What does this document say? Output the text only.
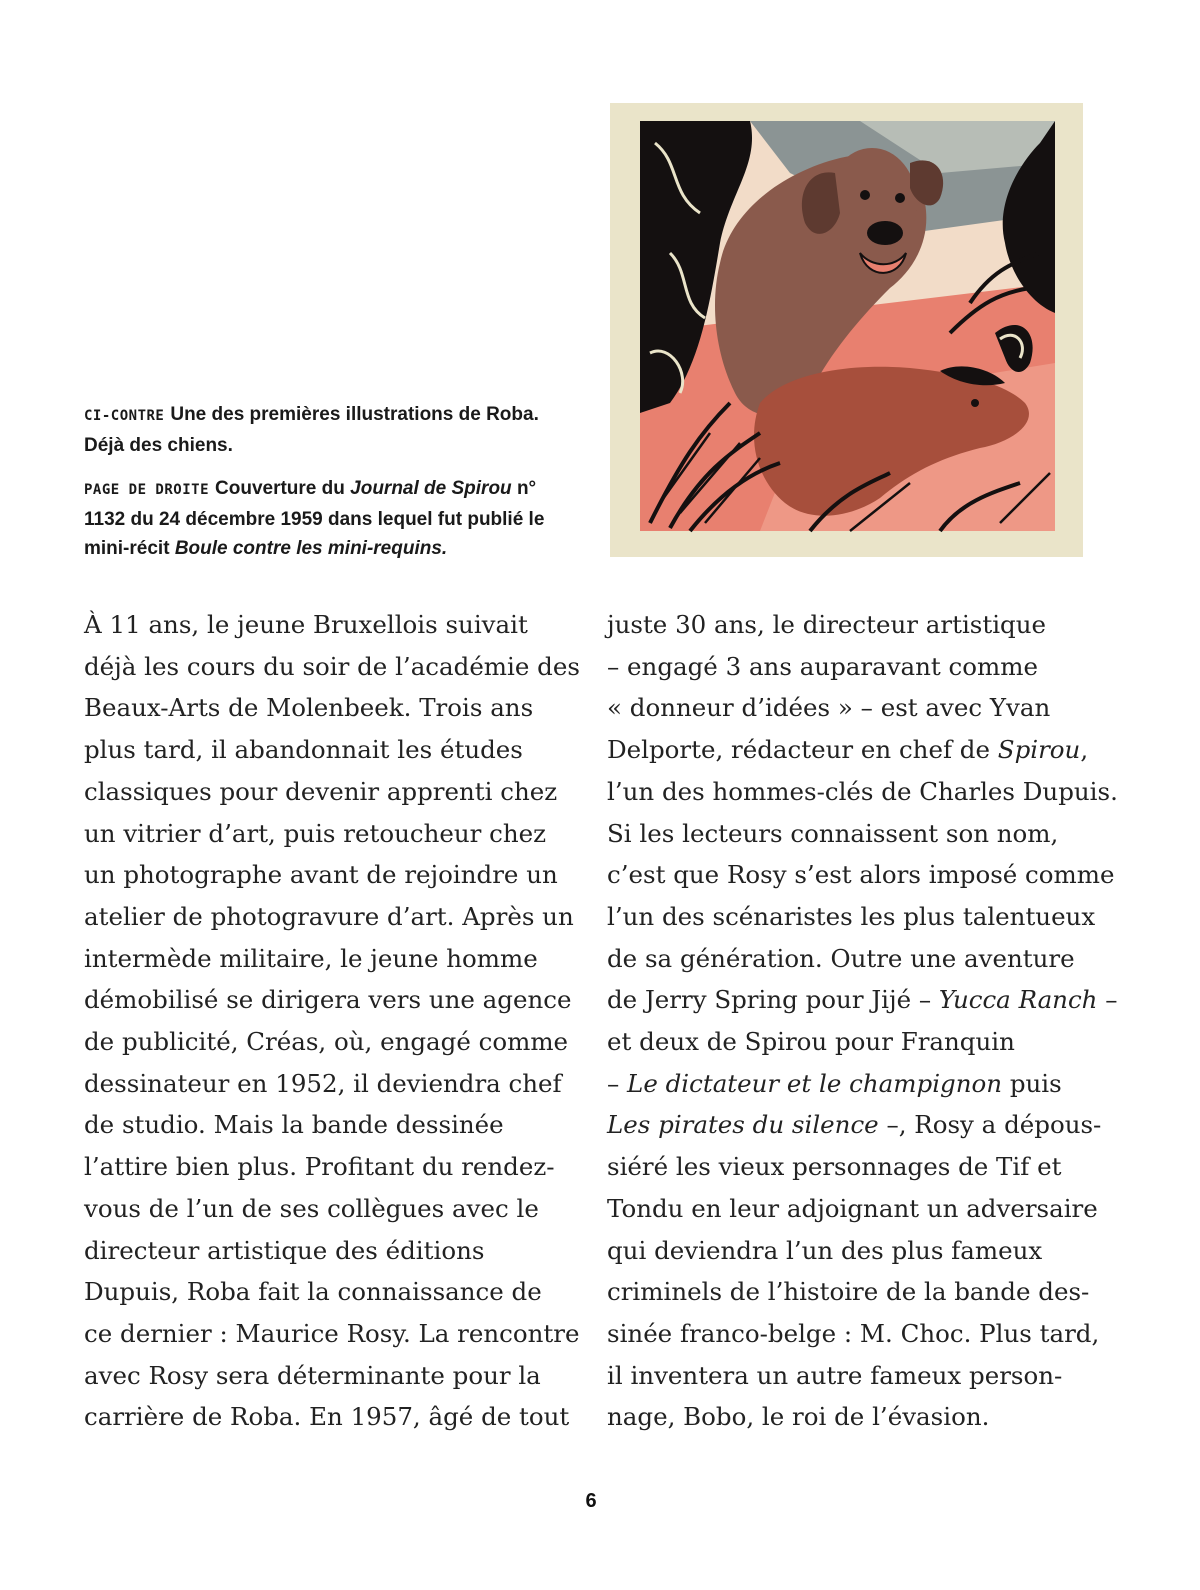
CI-CONTRE Une des premières illustrations de Roba. Déjà des chiens.

PAGE DE DROITE Couverture du Journal de Spirou n° 1132 du 24 décembre 1959 dans lequel fut publié le mini-récit Boule contre les mini-requins.

À 11 ans, le jeune Bruxellois suivait
déjà les cours du soir de l’académie des
Beaux-Arts de Molenbeek. Trois ans
plus tard, il abandonnait les études
classiques pour devenir apprenti chez
un vitrier d’art, puis retoucheur chez
un photographe avant de rejoindre un
atelier de photogravure d’art. Après un
intermède militaire, le jeune homme
démobilisé se dirigera vers une agence
de publicité, Créas, où, engagé comme
dessinateur en 1952, il deviendra chef
de studio. Mais la bande dessinée
l’attire bien plus. Profitant du rendez-
vous de l’un de ses collègues avec le
directeur artistique des éditions
Dupuis, Roba fait la connaissance de
ce dernier : Maurice Rosy. La rencontre
avec Rosy sera déterminante pour la
carrière de Roba. En 1957, âgé de tout
juste 30 ans, le directeur artistique
– engagé 3 ans auparavant comme
« donneur d’idées » – est avec Yvan
Delporte, rédacteur en chef de Spirou,
l’un des hommes-clés de Charles Dupuis.
Si les lecteurs connaissent son nom,
c’est que Rosy s’est alors imposé comme
l’un des scénaristes les plus talentueux
de sa génération. Outre une aventure
de Jerry Spring pour Jijé – Yucca Ranch –
et deux de Spirou pour Franquin
– Le dictateur et le champignon puis
Les pirates du silence –, Rosy a dépous-
siéré les vieux personnages de Tif et
Tondu en leur adjoignant un adversaire
qui deviendra l’un des plus fameux
criminels de l’histoire de la bande des-
sinée franco-belge : M. Choc. Plus tard,
il inventera un autre fameux person-
nage, Bobo, le roi de l’évasion.
6
